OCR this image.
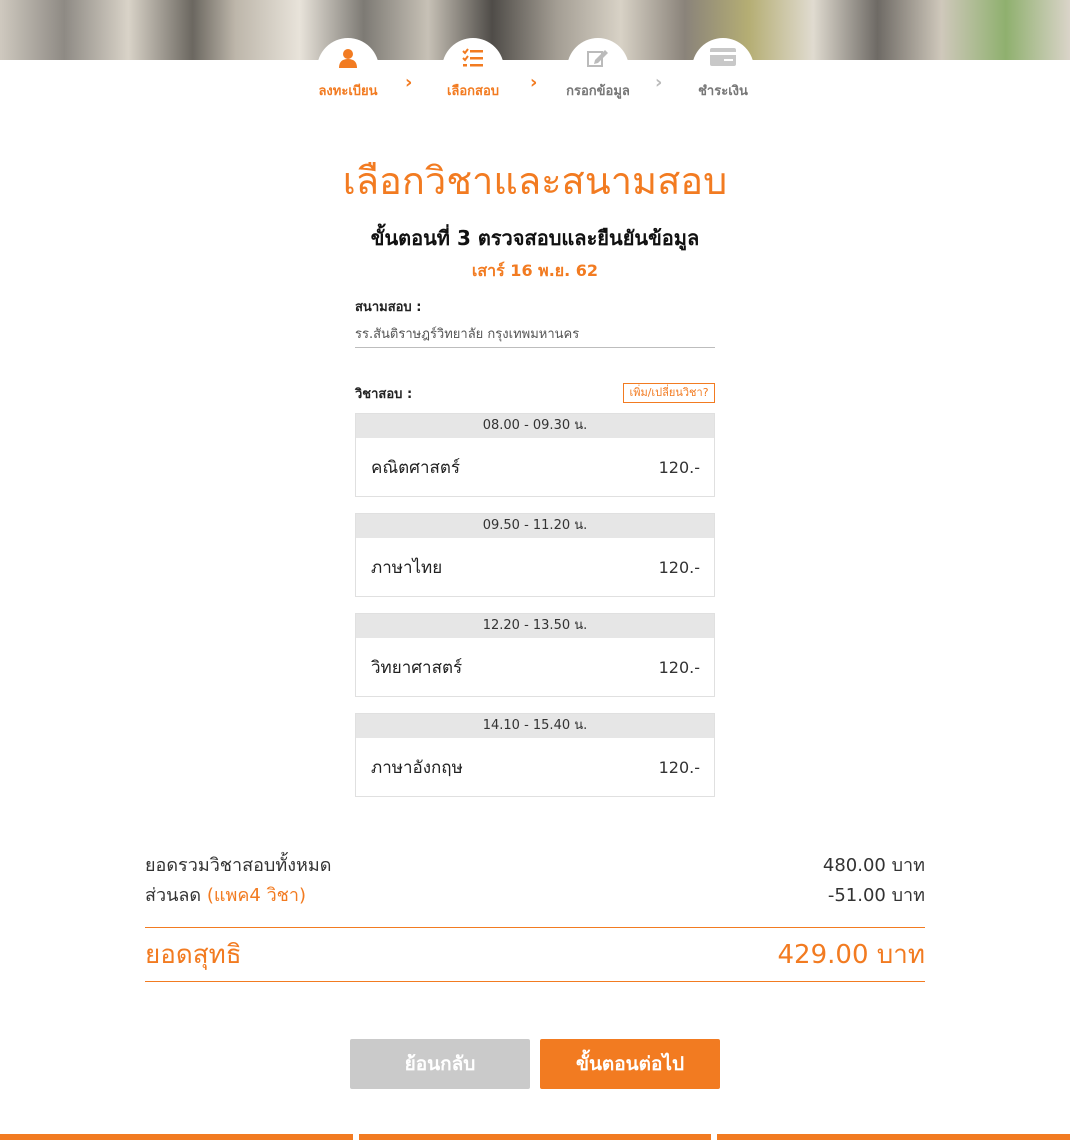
ลงทะเบียน	›	เลือกสอบ	›	กรอกข้อมูล	›	ชำระเงิน
เลือกวิชาและสนามสอบ
ขั้นตอนที่ 3 ตรวจสอบและยืนยันข้อมูล
เสาร์ 16 พ.ย. 62
สนามสอบ :
รร.สันติราษฎร์วิทยาลัย กรุงเทพมหานคร
วิชาสอบ :	เพิ่ม/เปลี่ยนวิชา?
08.00 - 09.30 น.
คณิตศาสตร์	120.-
09.50 - 11.20 น.
ภาษาไทย	120.-
12.20 - 13.50 น.
วิทยาศาสตร์	120.-
14.10 - 15.40 น.
ภาษาอังกฤษ	120.-
ยอดรวมวิชาสอบทั้งหมด	480.00 บาท
ส่วนลด (แพค4 วิชา)	-51.00 บาท
ยอดสุทธิ	429.00 บาท
ย้อนกลับ	ขั้นตอนต่อไป
